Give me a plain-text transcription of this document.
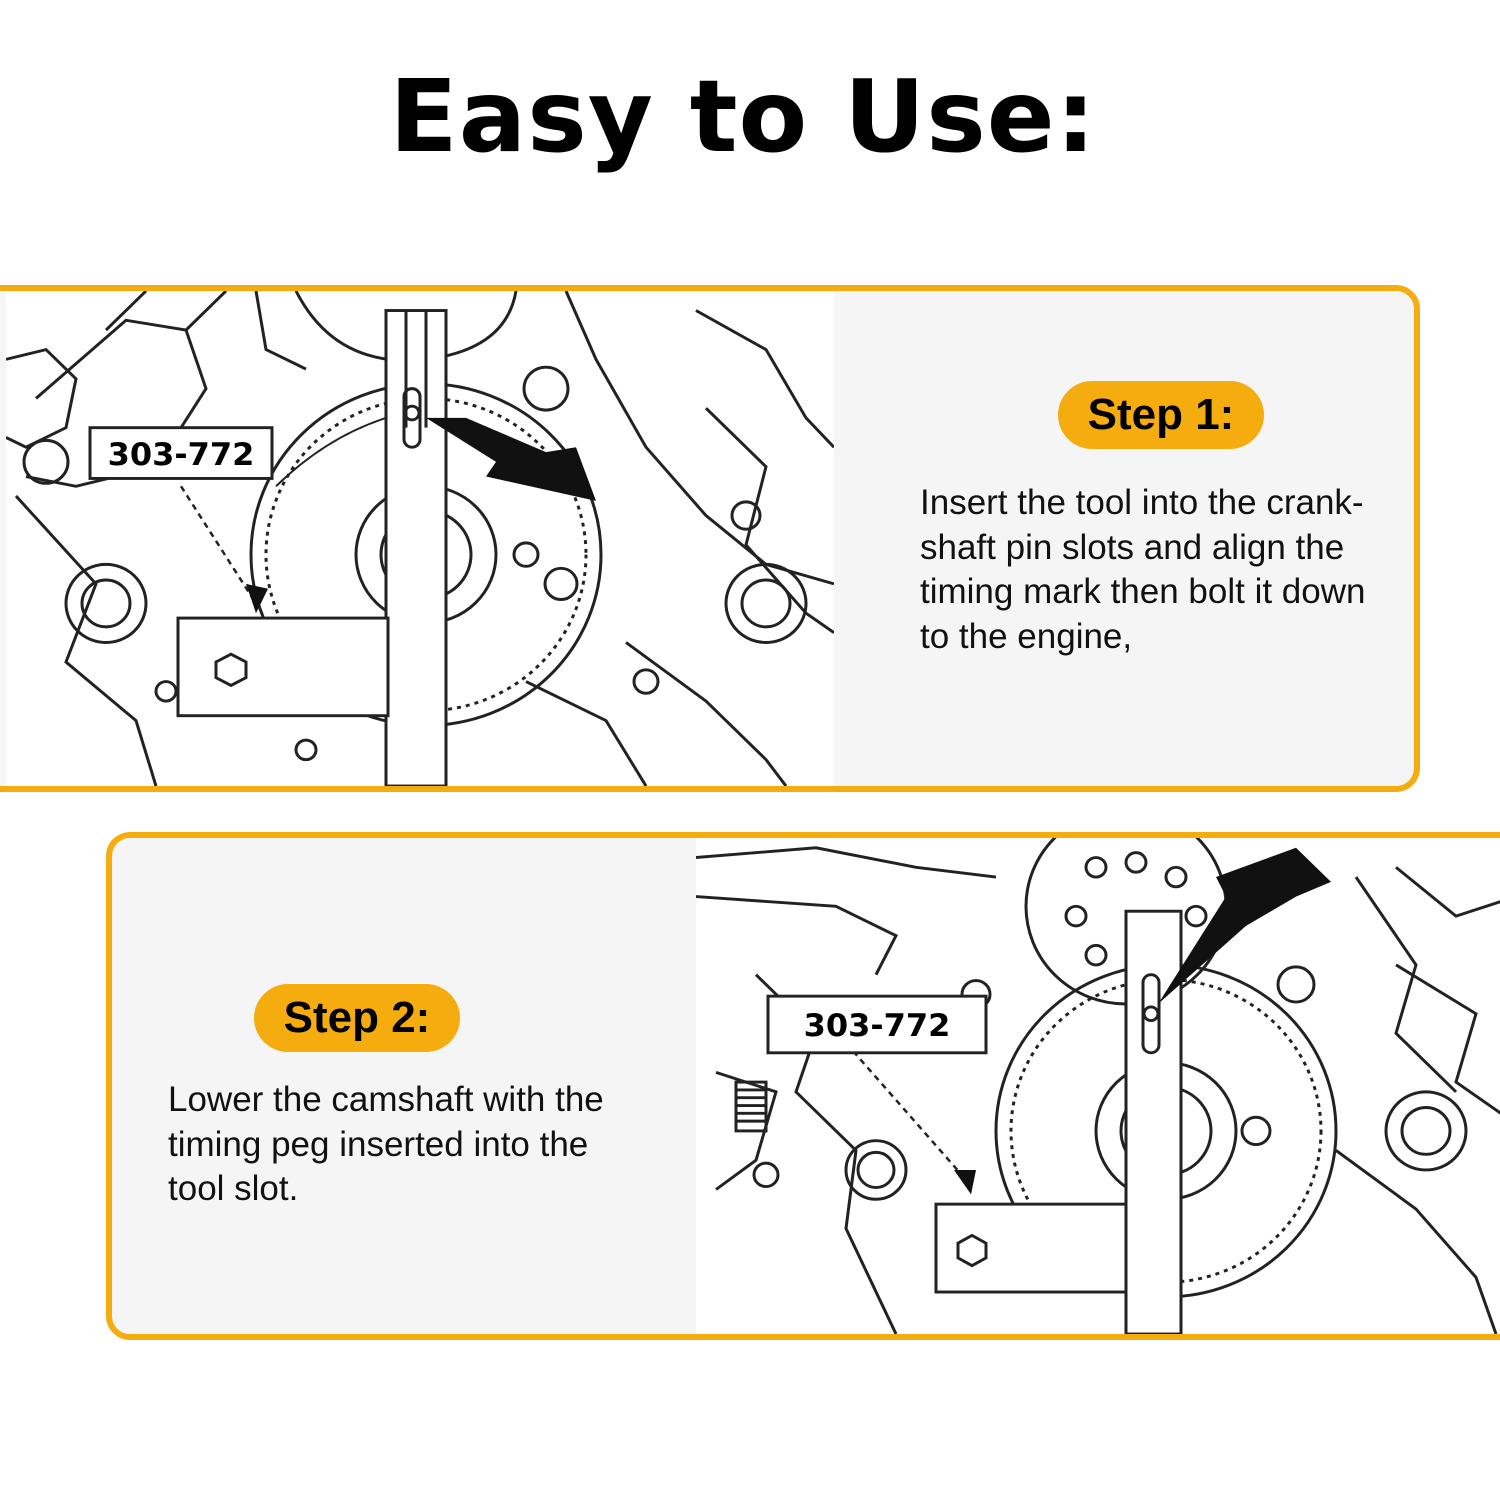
Easy to Use:
303-772
Step 1:

Insert the tool into the crank-
shaft pin slots and align the
timing mark then bolt it down
to the engine,

Step 2:

Lower the camshaft with the
timing peg inserted into the
tool slot.

303-772
